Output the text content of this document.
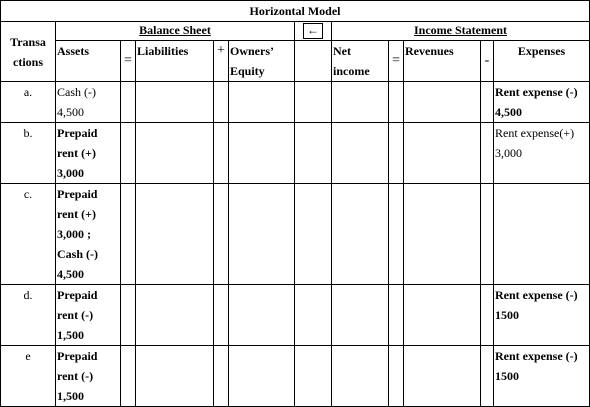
Horizontal Model
Transa ctions	Balance Sheet					←	Income Statement				
	Assets	=	Liabilities	+	Owners’ Equity		Net income	=	Revenues	-	Expenses
a.	Cash (-) 4,500										Rent expense (-) 4,500
b.	Prepaid rent (+) 3,000										Rent expense(+) 3,000
c.	Prepaid rent (+) 3,000 ; Cash (-) 4,500										
d.	Prepaid rent (-) 1,500										Rent expense (-) 1500
e	Prepaid rent (-) 1,500										Rent expense (-) 1500
